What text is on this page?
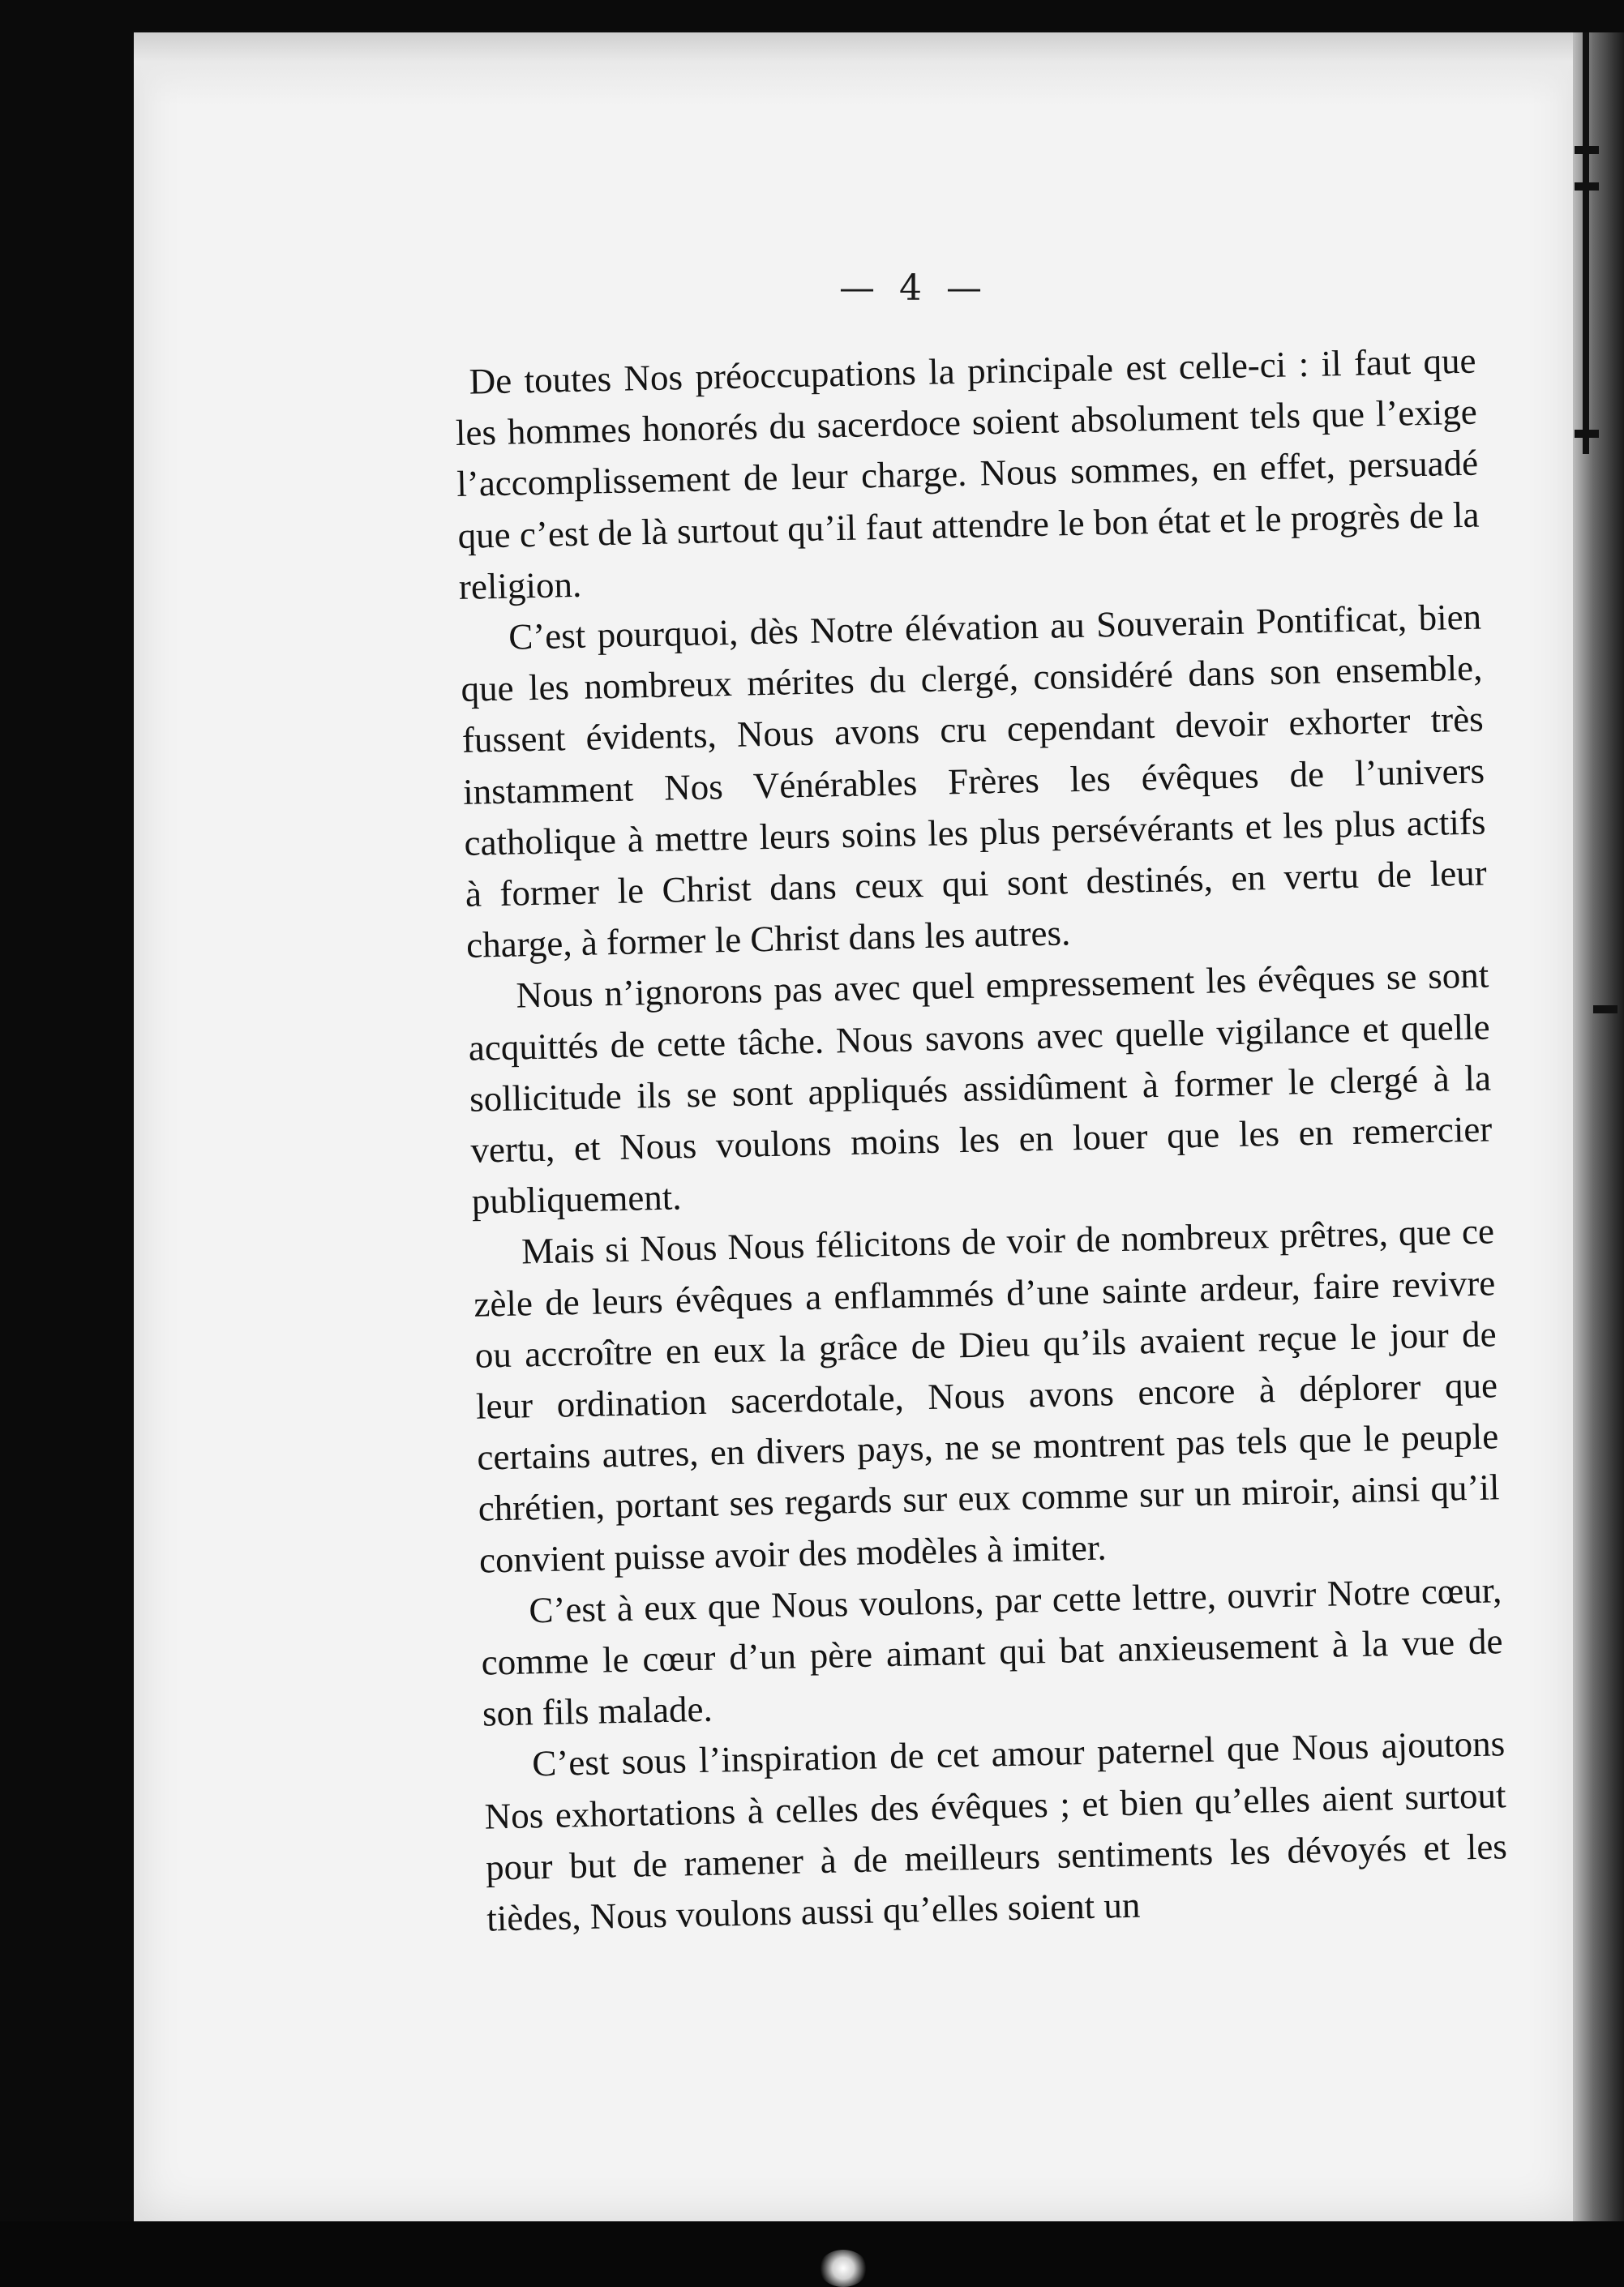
— 4 —

De toutes Nos préoccupations la principale est celle-ci : il faut que les hommes honorés du sacerdoce soient absolument tels que l’exige l’accomplissement de leur charge. Nous sommes, en effet, persuadé que c’est de là surtout qu’il faut attendre le bon état et le progrès de la religion.

C’est pourquoi, dès Notre élévation au Souverain Pontificat, bien que les nombreux mérites du clergé, considéré dans son ensemble, fussent évidents, Nous avons cru cependant devoir exhorter très instamment Nos Vénérables Frères les évêques de l’univers catholique à mettre leurs soins les plus persévérants et les plus actifs à former le Christ dans ceux qui sont destinés, en vertu de leur charge, à former le Christ dans les autres.

Nous n’ignorons pas avec quel empressement les évêques se sont acquittés de cette tâche. Nous savons avec quelle vigilance et quelle sollicitude ils se sont appliqués assidûment à former le clergé à la vertu, et Nous voulons moins les en louer que les en remercier publiquement.

Mais si Nous Nous félicitons de voir de nombreux prêtres, que ce zèle de leurs évêques a enflammés d’une sainte ardeur, faire revivre ou accroître en eux la grâce de Dieu qu’ils avaient reçue le jour de leur ordination sacerdotale, Nous avons encore à déplorer que certains autres, en divers pays, ne se montrent pas tels que le peuple chrétien, portant ses regards sur eux comme sur un miroir, ainsi qu’il convient puisse avoir des modèles à imiter.

C’est à eux que Nous voulons, par cette lettre, ouvrir Notre cœur, comme le cœur d’un père aimant qui bat anxieusement à la vue de son fils malade.

C’est sous l’inspiration de cet amour paternel que Nous ajoutons Nos exhortations à celles des évêques ; et bien qu’elles aient surtout pour but de ramener à de meilleurs sentiments les dévoyés et les tièdes, Nous voulons aussi qu’elles soient un
